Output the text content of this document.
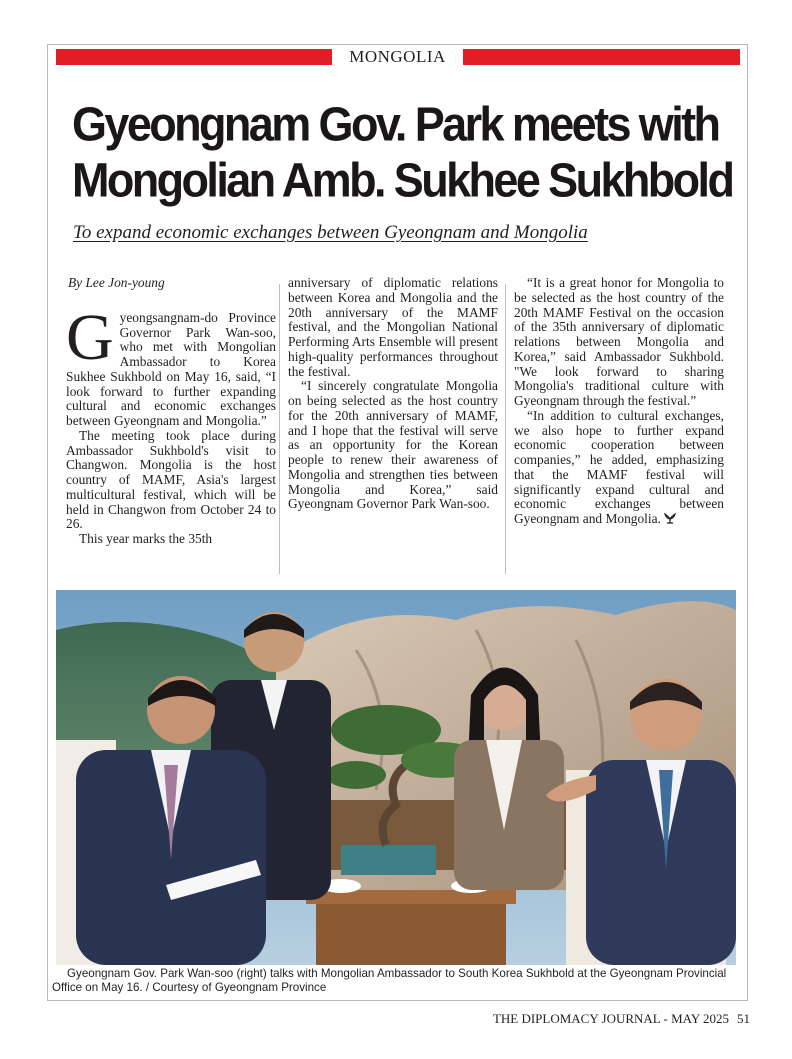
MONGOLIA
Gyeongnam Gov. Park meets with
Mongolian Amb. Sukhee Sukhbold
To expand economic exchanges between Gyeongnam and Mongolia

By Lee Jon-young

Gyeongsangnam-do Province Governor Park Wan-soo, who met with Mongolian Ambassador to Korea Sukhee Sukhbold on May 16, said, “I look forward to further expanding cultural and economic exchanges between Gyeongnam and Mongolia.”

The meeting took place during Ambassador Sukhbold's visit to Changwon. Mongolia is the host country of MAMF, Asia's largest multicultural festival, which will be held in Changwon from October 24 to 26.

This year marks the 35th

anniversary of diplomatic relations between Korea and Mongolia and the 20th anniversary of the MAMF festival, and the Mongolian National Performing Arts Ensemble will present high-quality performances throughout the festival.

“I sincerely congratulate Mongolia on being selected as the host country for the 20th anniversary of MAMF, and I hope that the festival will serve as an opportunity for the Korean people to renew their awareness of Mongolia and strengthen ties between Mongolia and Korea,” said Gyeongnam Governor Park Wan-soo.

“It is a great honor for Mongolia to be selected as the host country of the 20th MAMF Festival on the occasion of the 35th anniversary of diplomatic relations between Mongolia and Korea,” said Ambassador Sukhbold. "We look forward to sharing Mongolia's traditional culture with Gyeongnam through the festival.”

“In addition to cultural exchanges, we also hope to further expand economic cooperation between companies,” he added, emphasizing that the MAMF festival will significantly expand cultural and economic exchanges between Gyeongnam and Mongolia.

Gyeongnam Gov. Park Wan-soo (right) talks with Mongolian Ambassador to South Korea Sukhbold at the Gyeongnam Provincial Office on May 16. / Courtesy of Gyeongnam Province
THE DIPLOMACY JOURNAL - MAY 2025 51
